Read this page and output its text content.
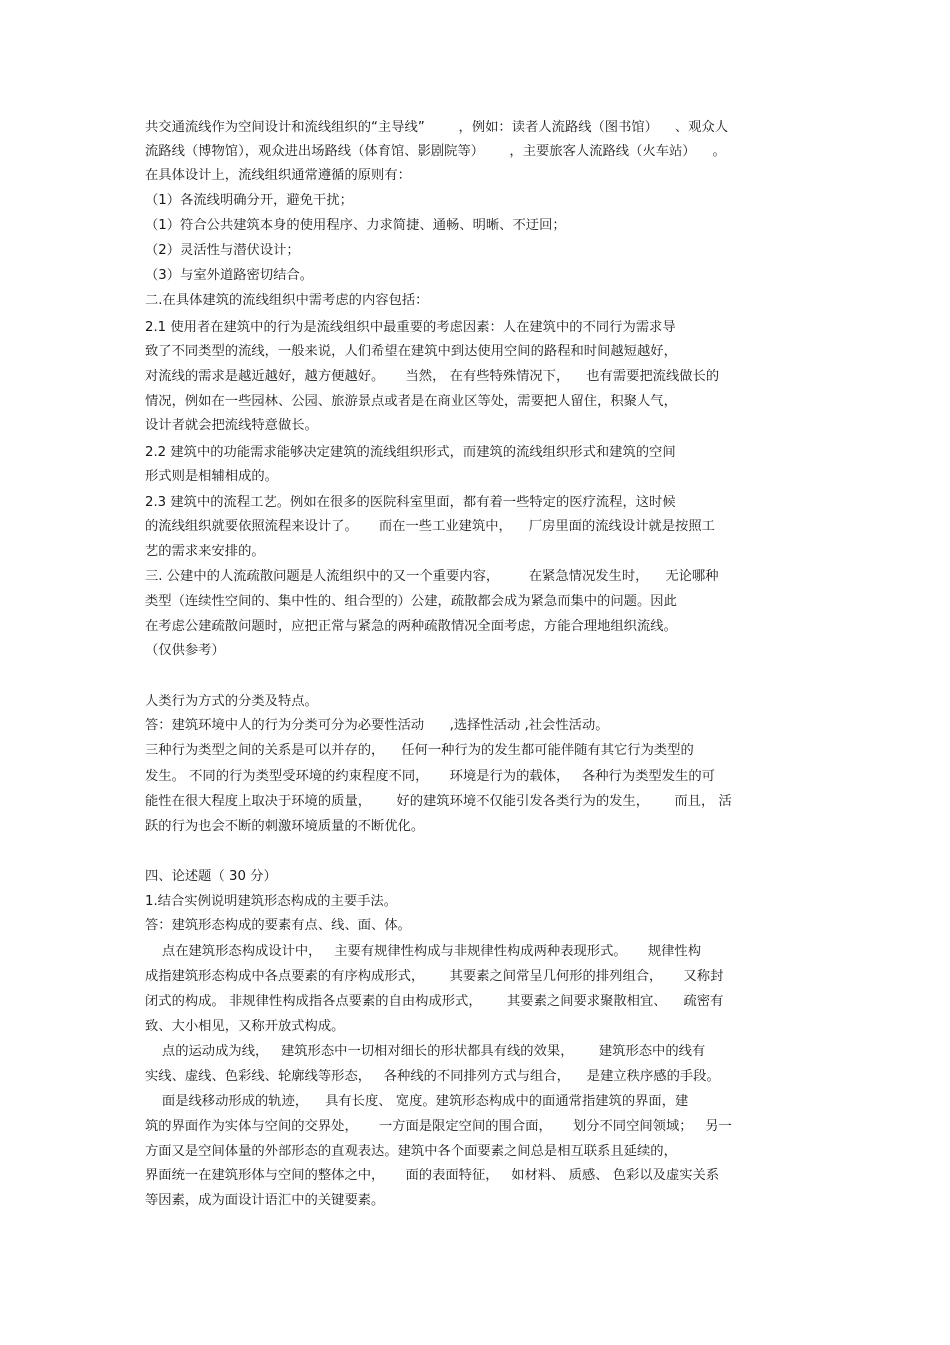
共交通流线作为空间设计和流线组织的“主导线”        ，例如：读者人流路线（图书馆）    、观众人
流路线（博物馆），观众进出场路线（体育馆、影剧院等）      ，主要旅客人流路线（火车站）    。
在具体设计上，流线组织通常遵循的原则有：
（1）各流线明确分开，避免干扰；
（1）符合公共建筑本身的使用程序、力求简捷、通畅、明晰、不迂回；
（2）灵活性与潜伏设计；
（3）与室外道路密切结合。
二.在具体建筑的流线组织中需考虑的内容包括：
2.1 使用者在建筑中的行为是流线组织中最重要的考虑因素：人在建筑中的不同行为需求导
致了不同类型的流线，一般来说，人们希望在建筑中到达使用空间的路程和时间越短越好，
对流线的需求是越近越好，越方便越好。     当然， 在有些特殊情况下，    也有需要把流线做长的
情况，例如在一些园林、公园、旅游景点或者是在商业区等处，需要把人留住，积聚人气，
设计者就会把流线特意做长。
2.2 建筑中的功能需求能够决定建筑的流线组织形式，而建筑的流线组织形式和建筑的空间
形式则是相辅相成的。
2.3 建筑中的流程工艺。例如在很多的医院科室里面，都有着一些特定的医疗流程，这时候
的流线组织就要依照流程来设计了。     而在一些工业建筑中，    厂房里面的流线设计就是按照工
艺的需求来安排的。
三. 公建中的人流疏散问题是人流组织中的又一个重要内容，       在紧急情况发生时，    无论哪种
类型（连续性空间的、集中性的、组合型的）公建，疏散都会成为紧急而集中的问题。因此
在考虑公建疏散问题时，应把正常与紧急的两种疏散情况全面考虑，方能合理地组织流线。
（仅供参考）
人类行为方式的分类及特点。
答：建筑环境中人的行为分类可分为必要性活动      ,选择性活动 ,社会性活动。
三种行为类型之间的关系是可以并存的，    任何一种行为的发生都可能伴随有其它行为类型的
发生。 不同的行为类型受环境的约束程度不同，     环境是行为的载体，   各种行为类型发生的可
能性在很大程度上取决于环境的质量，      好的建筑环境不仅能引发各类行为的发生，      而且， 活
跃的行为也会不断的刺激环境质量的不断优化。
四、论述题（ 30 分）
1.结合实例说明建筑形态构成的主要手法。
答：建筑形态构成的要素有点、线、面、体。
点在建筑形态构成设计中，   主要有规律性构成与非规律性构成两种表现形式。     规律性构
成指建筑形态构成中各点要素的有序构成形式，      其要素之间常呈几何形的排列组合，     又称封
闭式的构成。 非规律性构成指各点要素的自由构成形式，      其要素之间要求聚散相宜、    疏密有
致、大小相见，又称开放式构成。
点的运动成为线，   建筑形态中一切相对细长的形状都具有线的效果，      建筑形态中的线有
实线、虚线、色彩线、轮廓线等形态，   各种线的不同排列方式与组合，    是建立秩序感的手段。
面是线移动形成的轨迹，    具有长度、 宽度。建筑形态构成中的面通常指建筑的界面，建
筑的界面作为实体与空间的交界处，     一方面是限定空间的围合面，     划分不同空间领域；   另一
方面又是空间体量的外部形态的直观表达。建筑中各个面要素之间总是相互联系且延续的，
界面统一在建筑形体与空间的整体之中，     面的表面特征，   如材料、 质感、 色彩以及虚实关系
等因素，成为面设计语汇中的关键要素。
